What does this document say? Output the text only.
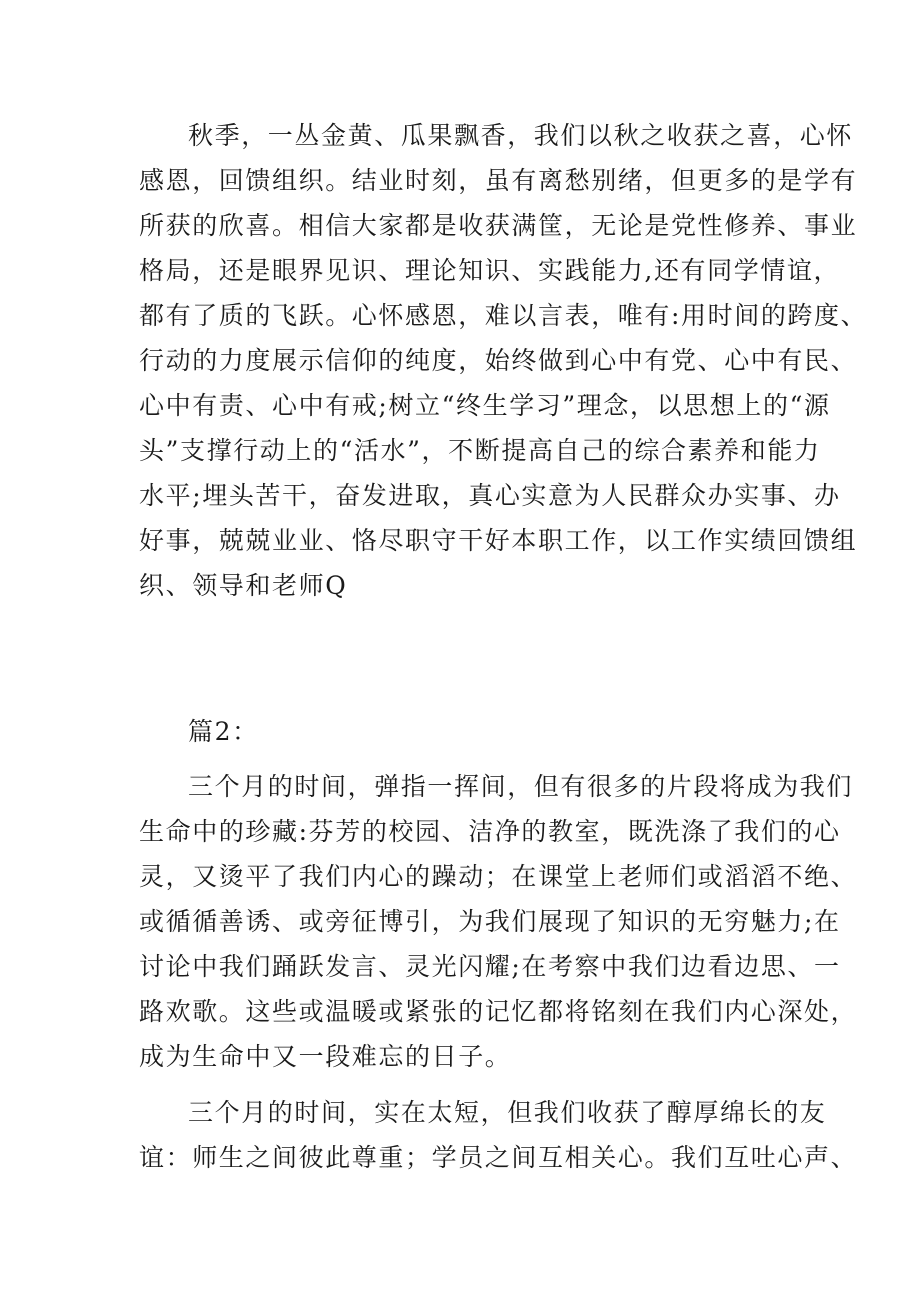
秋季，一丛金黄、瓜果飘香，我们以秋之收获之喜，心怀

感恩，回馈组织。结业时刻，虽有离愁别绪，但更多的是学有

所获的欣喜。相信大家都是收获满筐，无论是党性修养、事业

格局，还是眼界见识、理论知识、实践能力,还有同学情谊，

都有了质的飞跃。心怀感恩，难以言表，唯有:用时间的跨度、

行动的力度展示信仰的纯度，始终做到心中有党、心中有民、

心中有责、心中有戒;树立“终生学习”理念，以思想上的“源

头”支撑行动上的“活水”，不断提高自己的综合素养和能力

水平;埋头苦干，奋发进取，真心实意为人民群众办实事、办

好事，兢兢业业、恪尽职守干好本职工作，以工作实绩回馈组

织、领导和老师Q

篇2：

三个月的时间，弹指一挥间，但有很多的片段将成为我们

生命中的珍藏:芬芳的校园、洁净的教室，既洗涤了我们的心

灵，又烫平了我们内心的躁动；在课堂上老师们或滔滔不绝、

或循循善诱、或旁征博引，为我们展现了知识的无穷魅力;在

讨论中我们踊跃发言、灵光闪耀;在考察中我们边看边思、一

路欢歌。这些或温暖或紧张的记忆都将铭刻在我们内心深处，

成为生命中又一段难忘的日子。

三个月的时间，实在太短，但我们收获了醇厚绵长的友

谊：师生之间彼此尊重；学员之间互相关心。我们互吐心声、
